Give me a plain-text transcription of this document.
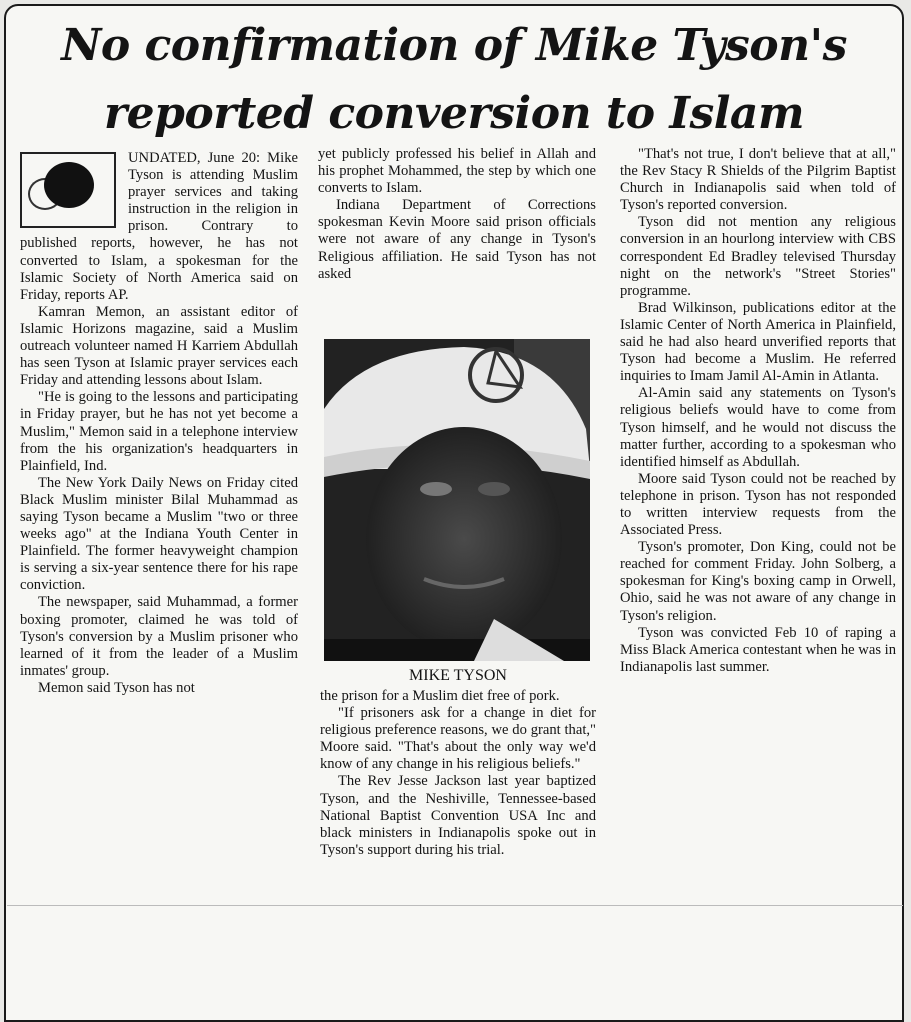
No confirmation of Mike Tyson's
reported conversion to Islam

UNDATED, June 20: Mike Tyson is attending Muslim prayer services and taking instruction in the religion in prison. Contrary to published reports, however, he has not converted to Islam, a spokesman for the Islamic Society of North America said on Friday, reports AP.

Kamran Memon, an assistant editor of Islamic Horizons magazine, said a Muslim outreach volunteer named H Karriem Abdullah has seen Tyson at Islamic prayer services each Friday and attending lessons about Islam.

"He is going to the lessons and participating in Friday prayer, but he has not yet become a Muslim," Memon said in a telephone interview from the his organization's headquarters in Plainfield, Ind.

The New York Daily News on Friday cited Black Muslim minister Bilal Muhammad as saying Tyson became a Muslim "two or three weeks ago" at the Indiana Youth Center in Plainfield. The former heavyweight champion is serving a six-year sentence there for his rape conviction.

The newspaper, said Muhammad, a former boxing promoter, claimed he was told of Tyson's conversion by a Muslim prisoner who learned of it from the leader of a Muslim inmates' group.

Memon said Tyson has not

yet publicly professed his belief in Allah and his prophet Mohammed, the step by which one converts to Islam.

Indiana Department of Corrections spokesman Kevin Moore said prison officials were not aware of any change in Tyson's Religious affiliation. He said Tyson has not asked

MIKE TYSON

the prison for a Muslim diet free of pork.

"If prisoners ask for a change in diet for religious preference reasons, we do grant that," Moore said. "That's about the only way we'd know of any change in his religious beliefs."

The Rev Jesse Jackson last year baptized Tyson, and the Neshiville, Tennessee-based National Baptist Convention USA Inc and black ministers in Indianapolis spoke out in Tyson's support during his trial.

"That's not true, I don't believe that at all," the Rev Stacy R Shields of the Pilgrim Baptist Church in Indianapolis said when told of Tyson's reported conversion.

Tyson did not mention any religious conversion in an hourlong interview with CBS correspondent Ed Bradley televised Thursday night on the network's "Street Stories" programme.

Brad Wilkinson, publications editor at the Islamic Center of North America in Plainfield, said he had also heard unverified reports that Tyson had become a Muslim. He referred inquiries to Imam Jamil Al-Amin in Atlanta.

Al-Amin said any statements on Tyson's religious beliefs would have to come from Tyson himself, and he would not discuss the matter further, according to a spokesman who identified himself as Abdullah.

Moore said Tyson could not be reached by telephone in prison. Tyson has not responded to written interview requests from the Associated Press.

Tyson's promoter, Don King, could not be reached for comment Friday. John Solberg, a spokesman for King's boxing camp in Orwell, Ohio, said he was not aware of any change in Tyson's religion.

Tyson was convicted Feb 10 of raping a Miss Black America contestant when he was in Indianapolis last summer.
